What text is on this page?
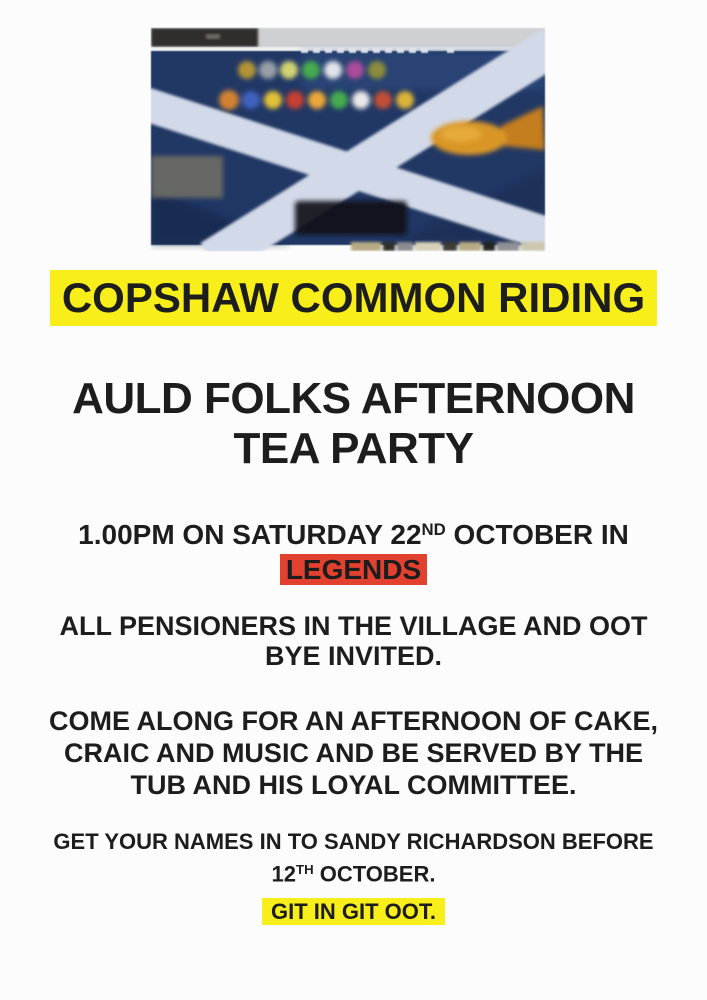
COPSHAW COMMON RIDING
AULD FOLKS AFTERNOON
TEA PARTY
1.00PM ON SATURDAY 22ND OCTOBER IN
LEGENDS
ALL PENSIONERS IN THE VILLAGE AND OOT
BYE INVITED.
COME ALONG FOR AN AFTERNOON OF CAKE,
CRAIC AND MUSIC AND BE SERVED BY THE
TUB AND HIS LOYAL COMMITTEE.
GET YOUR NAMES IN TO SANDY RICHARDSON BEFORE
12TH OCTOBER.
GIT IN GIT OOT.
